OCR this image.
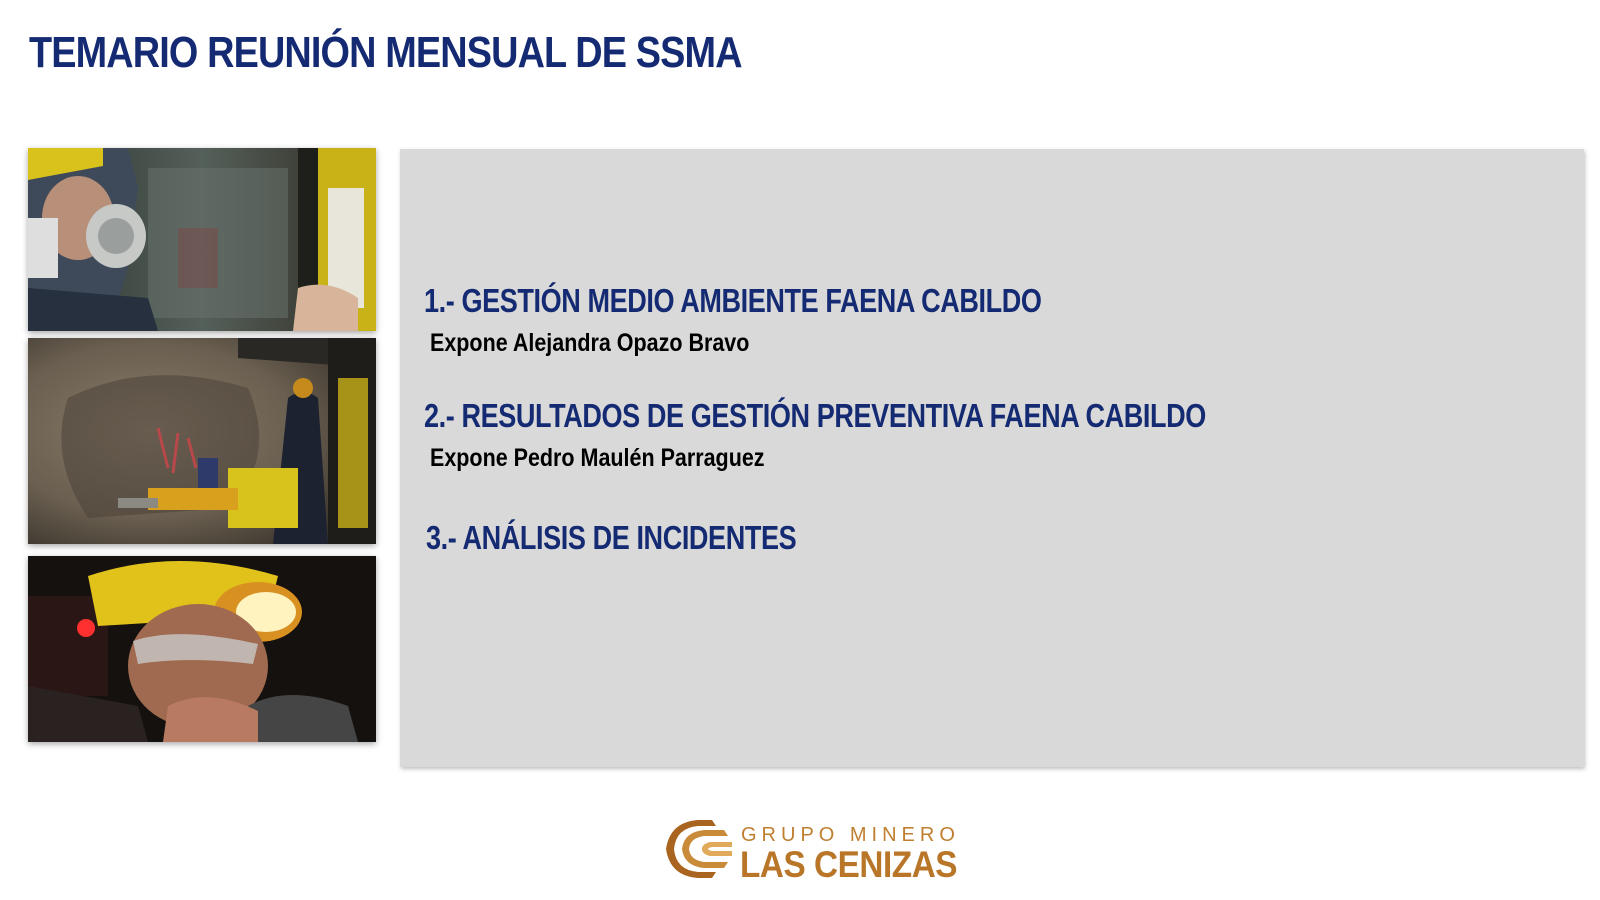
TEMARIO REUNIÓN MENSUAL DE SSMA
1.- GESTIÓN MEDIO AMBIENTE FAENA CABILDO

Expone Alejandra Opazo Bravo

2.- RESULTADOS DE GESTIÓN PREVENTIVA FAENA CABILDO

Expone Pedro Maulén Parraguez

3.- ANÁLISIS DE INCIDENTES
GRUPO MINERO
LAS CENIZAS
